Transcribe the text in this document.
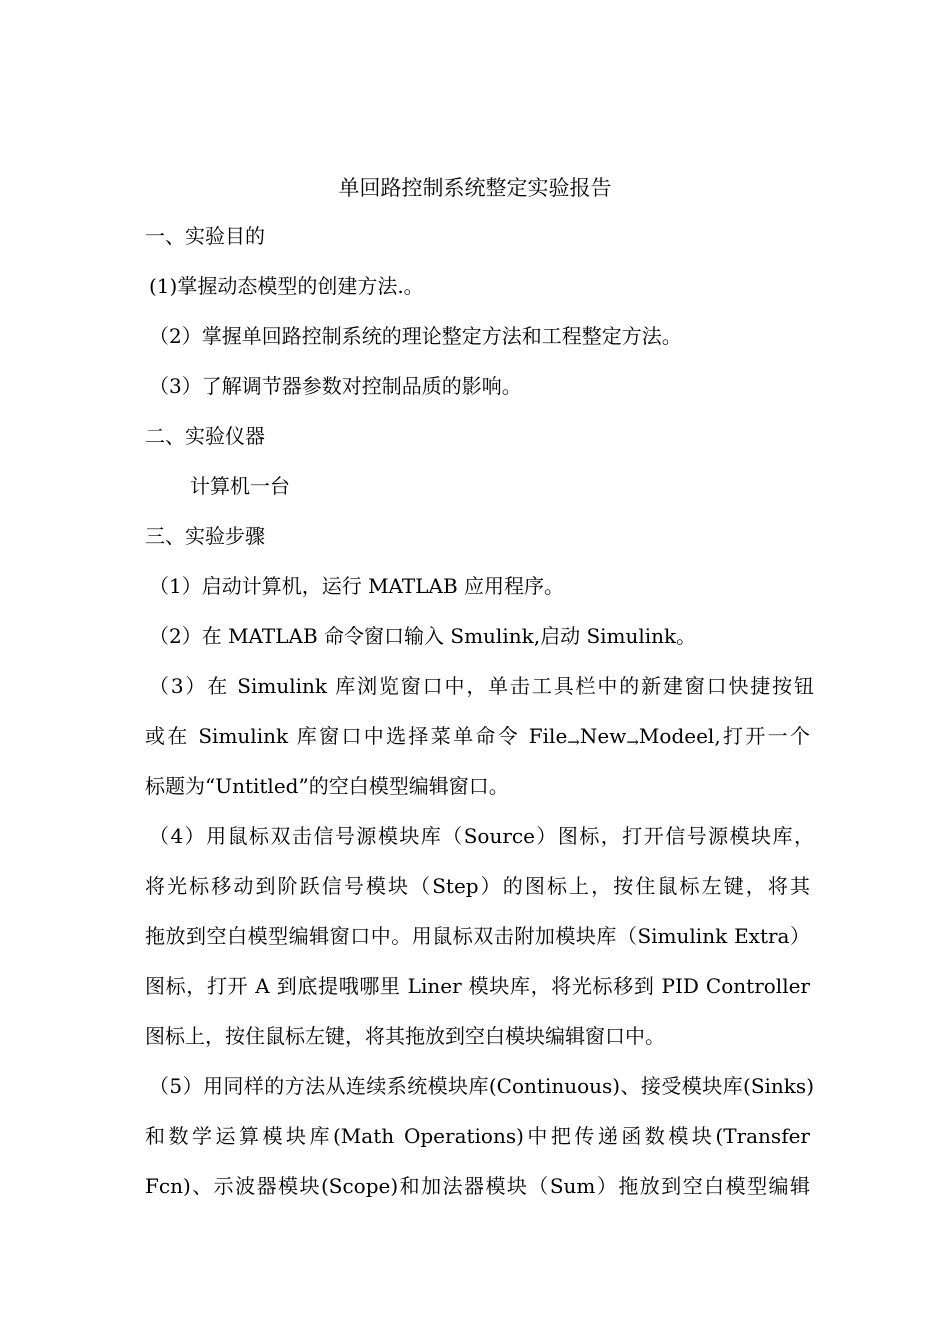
单回路控制系统整定实验报告
一、实验目的
(1)掌握动态模型的创建方法.。
（2）掌握单回路控制系统的理论整定方法和工程整定方法。
（3）了解调节器参数对控制品质的影响。
二、实验仪器
计算机一台
三、实验步骤
（1）启动计算机，运行 MATLAB 应用程序。
（2）在 MATLAB 命令窗口输入 Smulink,启动 Simulink。
（3）在 Simulink 库浏览窗口中，单击工具栏中的新建窗口快捷按钮
或在 Simulink 库窗口中选择菜单命令 File$_\to$New$_\to$Modeel,打开一个
标题为“Untitled”的空白模型编辑窗口。
（4）用鼠标双击信号源模块库（Source）图标，打开信号源模块库，
将光标移动到阶跃信号模块（Step）的图标上，按住鼠标左键，将其
拖放到空白模型编辑窗口中。用鼠标双击附加模块库（Simulink Extra）
图标，打开 A 到底提哦哪里 Liner 模块库，将光标移到 PID Controller
图标上，按住鼠标左键，将其拖放到空白模块编辑窗口中。
（5）用同样的方法从连续系统模块库(Continuous)、接受模块库(Sinks)
和数学运算模块库(Math Operations)中把传递函数模块(Transfer
Fcn)、示波器模块(Scope)和加法器模块（Sum）拖放到空白模型编辑
